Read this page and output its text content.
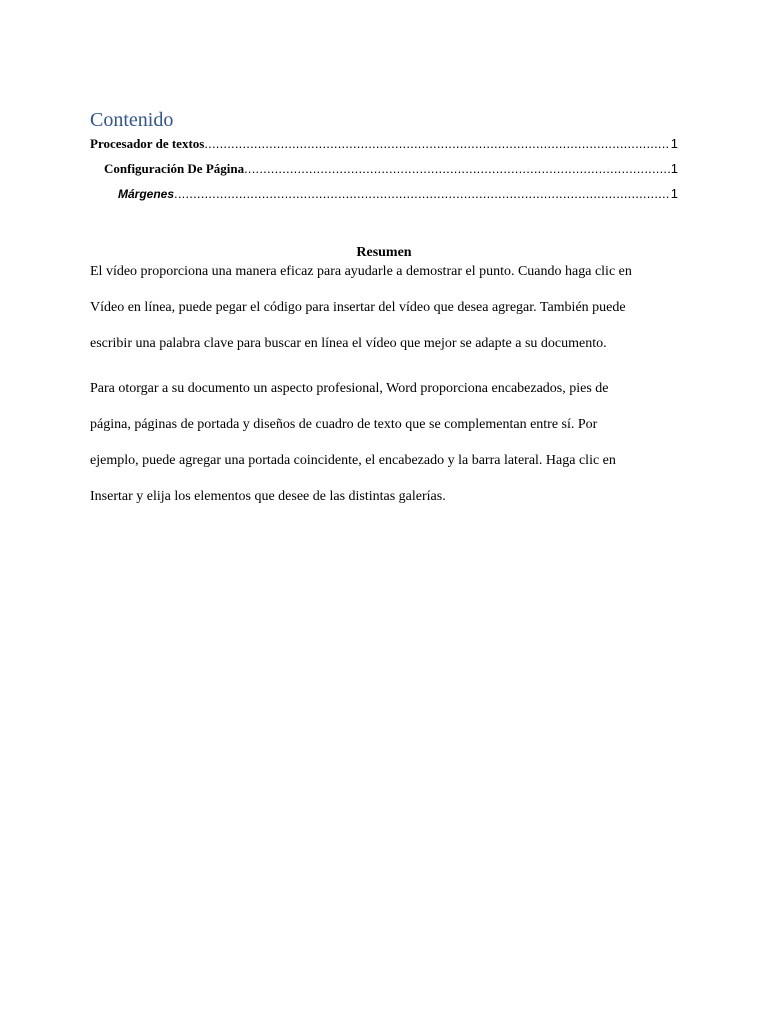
Contenido
Procesador de textos .....	1
Configuración De Página .....	1
Márgenes .....	1
Resumen
El vídeo proporciona una manera eficaz para ayudarle a demostrar el punto. Cuando haga clic en
Vídeo en línea, puede pegar el código para insertar del vídeo que desea agregar. También puede
escribir una palabra clave para buscar en línea el vídeo que mejor se adapte a su documento.
Para otorgar a su documento un aspecto profesional, Word proporciona encabezados, pies de
página, páginas de portada y diseños de cuadro de texto que se complementan entre sí. Por
ejemplo, puede agregar una portada coincidente, el encabezado y la barra lateral. Haga clic en
Insertar y elija los elementos que desee de las distintas galerías.
